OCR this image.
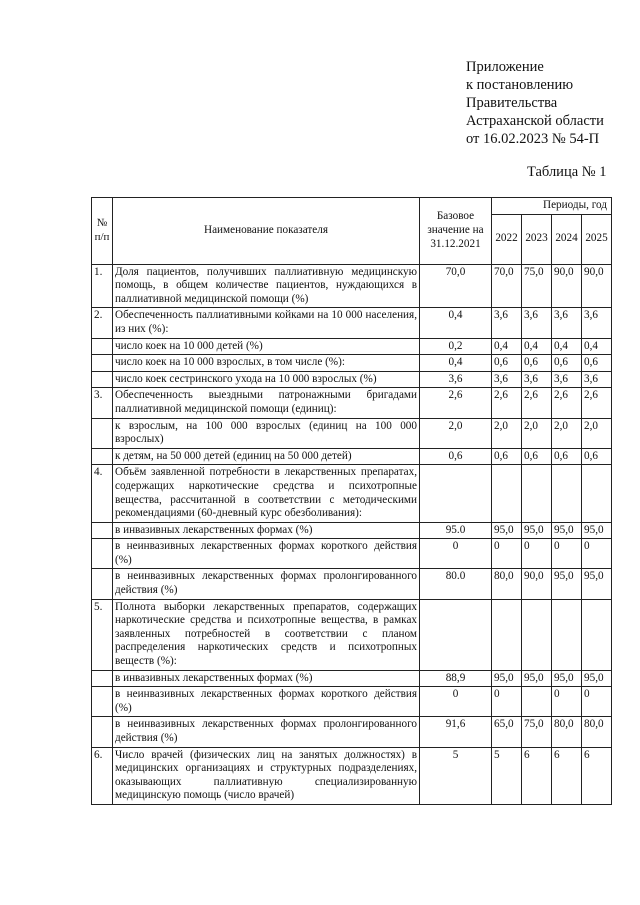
Приложение
к постановлению
Правительства
Астраханской области
от 16.02.2023 № 54-П
Таблица № 1
№ п/п	Наименование показателя	Базовое значение на 31.12.2021	Периоды, год			
			2022	2023	2024	2025
1.	Доля пациентов, получивших паллиативную медицинскую помощь, в общем количестве пациентов, нуждающихся в паллиативной медицинской помощи (%)	70,0	70,0	75,0	90,0	90,0
2.	Обеспеченность паллиативными койками на 10 000 населения, из них (%):	0,4	3,6	3,6	3,6	3,6
	число коек на 10 000 детей (%)	0,2	0,4	0,4	0,4	0,4
	число коек на 10 000 взрослых, в том числе (%):	0,4	0,6	0,6	0,6	0,6
	число коек сестринского ухода на 10 000 взрослых (%)	3,6	3,6	3,6	3,6	3,6
3.	Обеспеченность выездными патронажными бригадами паллиативной медицинской помощи (единиц):	2,6	2,6	2,6	2,6	2,6
	к взрослым, на 100 000 взрослых (единиц на 100 000 взрослых)	2,0	2,0	2,0	2,0	2,0
	к детям, на 50 000 детей (единиц на 50 000 детей)	0,6	0,6	0,6	0,6	0,6
4.	Объём заявленной потребности в лекарственных препаратах, содержащих наркотические средства и психотропные вещества, рассчитанной в соответствии с методическими рекомендациями (60-дневный курс обезболивания):					
	в инвазивных лекарственных формах (%)	95.0	95,0	95,0	95,0	95,0
	в неинвазивных лекарственных формах короткого действия (%)	0	0	0	0	0
	в неинвазивных лекарственных формах пролонгированного действия (%)	80.0	80,0	90,0	95,0	95,0
5.	Полнота выборки лекарственных препаратов, содержащих наркотические средства и психотропные вещества, в рамках заявленных потребностей в соответствии с планом распределения наркотических средств и психотропных веществ (%):					
	в инвазивных лекарственных формах (%)	88,9	95,0	95,0	95,0	95,0
	в неинвазивных лекарственных формах короткого действия (%)	0	0		0	0
	в неинвазивных лекарственных формах пролонгированного действия (%)	91,6	65,0	75,0	80,0	80,0
6.	Число врачей (физических лиц на занятых должностях) в медицинских организациях и структурных подразделениях, оказывающих паллиативную специализированную медицинскую помощь (число врачей)	5	5	6	6	6
